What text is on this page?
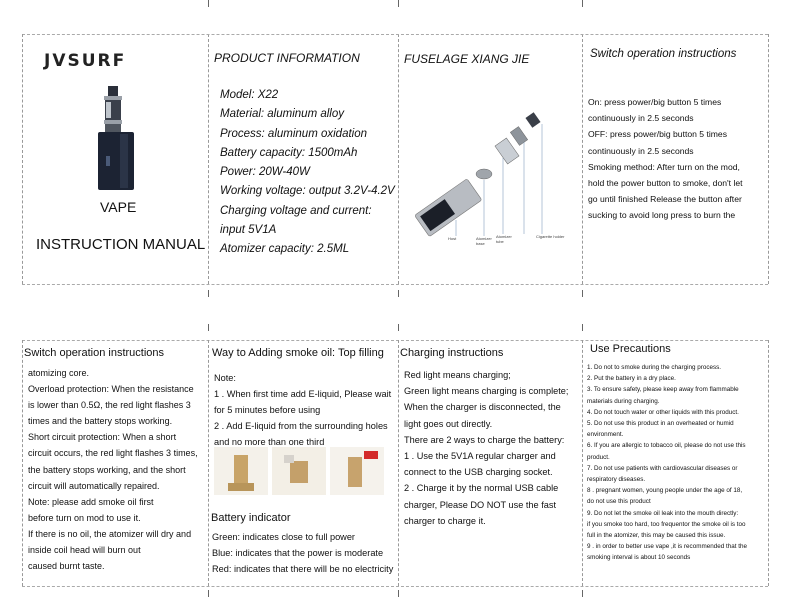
JVSURF
VAPE
INSTRUCTION MANUAL
PRODUCT INFORMATION
Model: X22
Material: aluminum alloy
Process: aluminum oxidation
Battery capacity: 1500mAh
Power: 20W-40W
Working voltage: output 3.2V-4.2V
Charging voltage and current:
input 5V1A
Atomizer capacity: 2.5ML
FUSELAGE XIANG JIE
Host	Atomizer base
Atomizer tube
Cigarette holder
Switch operation instructions
On: press power/big button 5 times
continuously in 2.5 seconds
OFF: press power/big button 5 times
continuously in 2.5 seconds
Smoking method: After turn on the mod,
hold the power button to smoke, don't let
go until finished Release the button after
sucking to avoid long press to burn the
Switch operation instructions
atomizing core.
Overload protection: When the resistance
is lower than 0.5Ω, the red light flashes 3
times and the battery stops working.
Short circuit protection: When a short
circuit occurs, the red light flashes 3 times,
the battery stops working, and the short
circuit will automatically repaired.
Note: please add smoke oil first
before turn on mod to use it.
If there is no oil, the atomizer will dry and
inside coil head will burn out
caused burnt taste.
Way to Adding smoke oil: Top filling
Note:
1 . When first time add E-liquid, Please wait
for 5 minutes before using
2 . Add E-liquid from the surrounding holes
and no more than one third
Battery indicator
Green: indicates close to full power
Blue: indicates that the power is moderate
Red: indicates that there will be no electricity
Charging instructions
Red light means charging;
Green light means charging is complete;
When the charger is disconnected, the
light goes out directly.
There are 2 ways to charge the battery:
1 . Use the 5V1A regular charger and
connect to the USB charging socket.
2 . Charge it by the normal USB cable
charger, Please DO NOT use the fast
charger to charge it.
Use Precautions
1. Do not to smoke during the charging process.
2. Put the battery in a dry place.
3. To ensure safety, please keep away from flammable
materials during charging.
4. Do not touch water or other liquids with this product.
5. Do not use this product in an overheated or humid
environment.
6. If you are allergic to tobacco oil, please do not use this
product.
7. Do not use patients with cardiovascular diseases or
respiratory diseases.
8 . pregnant women, young people under the age of 18,
do not use this product
9. Do not let the smoke oil leak into the mouth directly:
if you smoke too hard, too frequentor the smoke oil is too
full in the atomizer, this may be caused this issue.
9 . in order to better use vape ,it is recommended that the
smoking interval is about 10 seconds
